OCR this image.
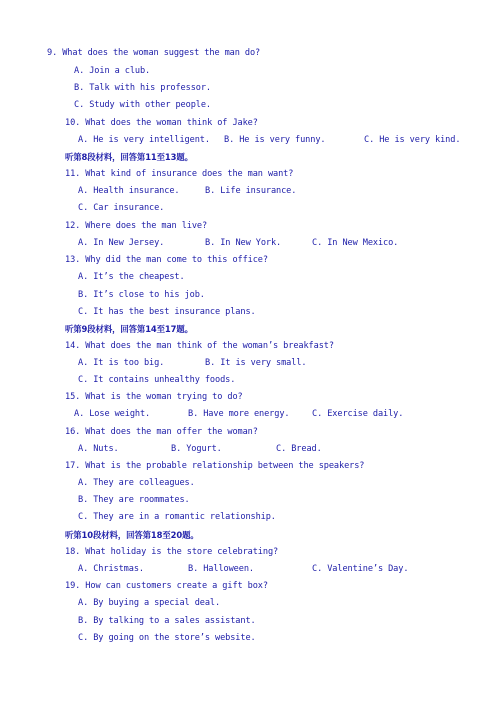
9. What does the woman suggest the man do?
A. Join a club.
B. Talk with his professor.
C. Study with other people.
10. What does the woman think of Jake?
A. He is very intelligent. B. He is very funny.	C. He is very kind.
听第8段材料，回答第11至13题。
11. What kind of insurance does the man want?
A. Health insurance.	B. Life insurance.
C. Car insurance.
12. Where does the man live?
A. In New Jersey.	B. In New York.	C. In New Mexico.
13. Why did the man come to this office?
A. It’s the cheapest.
B. It’s close to his job.
C. It has the best insurance plans.
听第9段材料，回答第14至17题。
14. What does the man think of the woman’s breakfast?
A. It is too big.	B. It is very small.
C. It contains unhealthy foods.
15. What is the woman trying to do?
A. Lose weight.	B. Have more energy.	C. Exercise daily.
16. What does the man offer the woman?
A. Nuts.	B. Yogurt.	C. Bread.
17. What is the probable relationship between the speakers?
A. They are colleagues.
B. They are roommates.
C. They are in a romantic relationship.
听第10段材料，回答第18至20题。
18. What holiday is the store celebrating?
A. Christmas.	B. Halloween.	C. Valentine’s Day.
19. How can customers create a gift box?
A. By buying a special deal.
B. By talking to a sales assistant.
C. By going on the store’s website.
